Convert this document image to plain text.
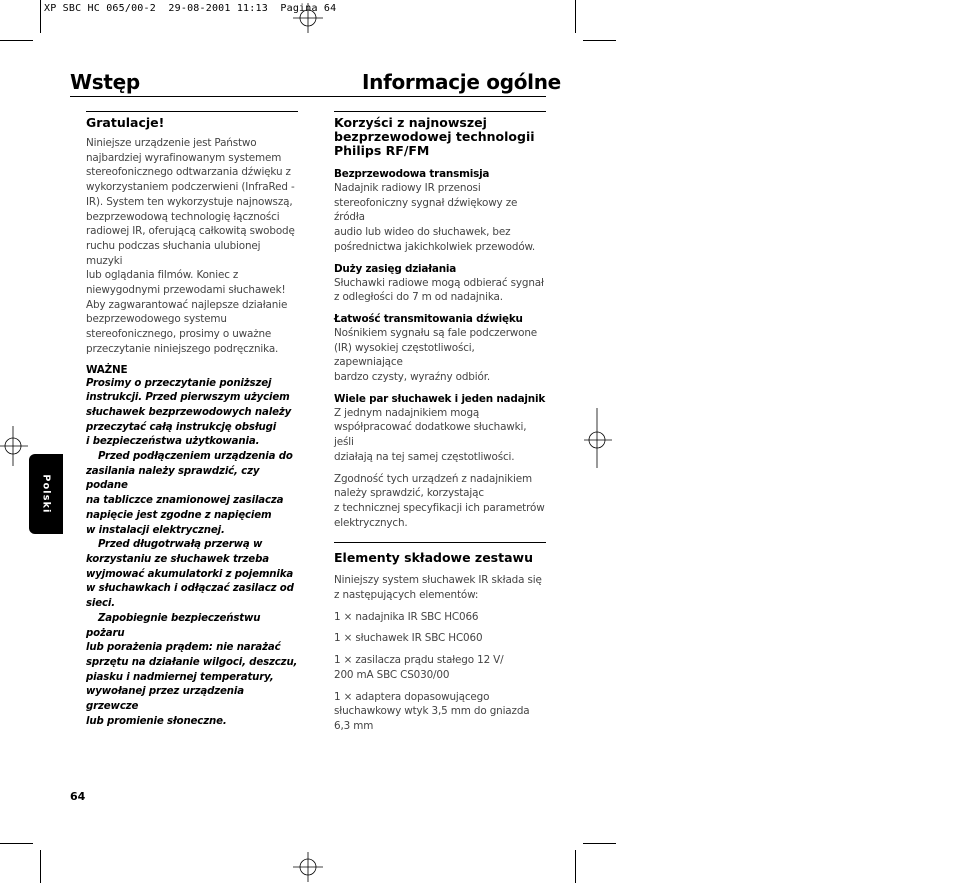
XP SBC HC 065/00-2  29-08-2001 11:13  Pagina 64
Wstęp	Informacje ogólne

Gratulacje!

Niniejsze urządzenie jest Państwo
najbardziej wyrafinowanym systemem
stereofonicznego odtwarzania dźwięku z
wykorzystaniem podczerwieni (InfraRed -
IR). System ten wykorzystuje najnowszą,
bezprzewodową technologię łączności
radiowej IR, oferującą całkowitą swobodę
ruchu podczas słuchania ulubionej muzyki
lub oglądania filmów. Koniec z
niewygodnymi przewodami słuchawek!
Aby zagwarantować najlepsze działanie
bezprzewodowego systemu
stereofonicznego, prosimy o uważne
przeczytanie niniejszego podręcznika.

WAŻNE

Prosimy o przeczytanie poniższej
instrukcji. Przed pierwszym użyciem
słuchawek bezprzewodowych należy
przeczytać całą instrukcję obsługi
i bezpieczeństwa użytkowania.

Przed podłączeniem urządzenia do
zasilania należy sprawdzić, czy podane
na tabliczce znamionowej zasilacza
napięcie jest zgodne z napięciem
w instalacji elektrycznej.

Przed długotrwałą przerwą w
korzystaniu ze słuchawek trzeba
wyjmować akumulatorki z pojemnika
w słuchawkach i odłączać zasilacz od
sieci.

Zapobiegnie bezpieczeństwu pożaru
lub porażenia prądem: nie narażać
sprzętu na działanie wilgoci, deszczu,
piasku i nadmiernej temperatury,
wywołanej przez urządzenia grzewcze
lub promienie słoneczne.

Korzyści z najnowszej
bezprzewodowej technologii
Philips RF/FM

Bezprzewodowa transmisja

Nadajnik radiowy IR przenosi
stereofoniczny sygnał dźwiękowy ze źródła
audio lub wideo do słuchawek, bez
pośrednictwa jakichkolwiek przewodów.

Duży zasięg działania

Słuchawki radiowe mogą odbierać sygnał
z odległości do 7 m od nadajnika.

Łatwość transmitowania dźwięku

Nośnikiem sygnału są fale podczerwone
(IR) wysokiej częstotliwości, zapewniające
bardzo czysty, wyraźny odbiór.

Wiele par słuchawek i jeden nadajnik

Z jednym nadajnikiem mogą
współpracować dodatkowe słuchawki, jeśli
działają na tej samej częstotliwości.

Zgodność tych urządzeń z nadajnikiem
należy sprawdzić, korzystając
z technicznej specyfikacji ich parametrów
elektrycznych.

Elementy składowe zestawu

Niniejszy system słuchawek IR składa się
z następujących elementów:

1 × nadajnika IR SBC HC066

1 × słuchawek IR SBC HC060

1 × zasilacza prądu stałego 12 V/
200 mA SBC CS030/00

1 × adaptera dopasowującego
słuchawkowy wtyk 3,5 mm do gniazda
6,3 mm

Polski
64
